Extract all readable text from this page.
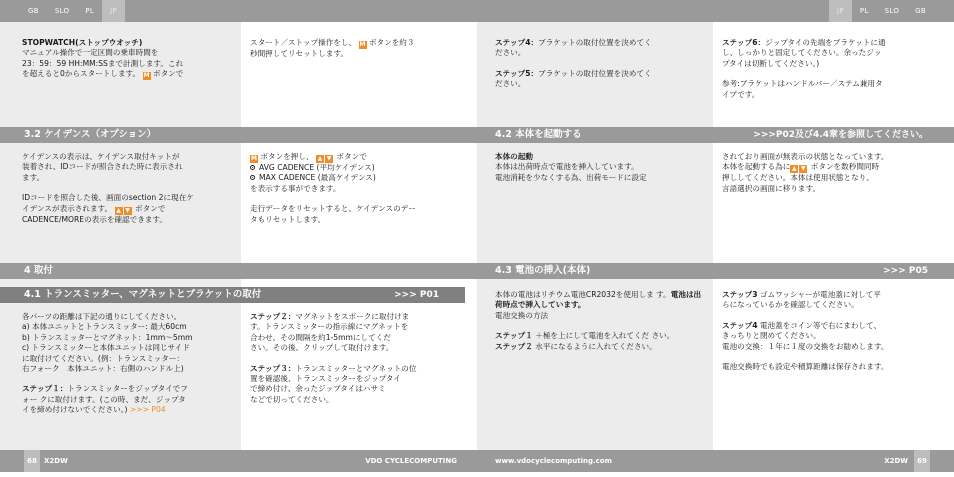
GB	SLO	PL	JP	JP	PL	SLO	GB
STOPWATCH(ストップウオッチ)
マニュアル操作で一定区間の乗車時間を
23：59：59 HH:MM:SSまで計測します。これ
を超えると0からスタートします。 M ボタンで
スタート／ストップ操作をし、 M ボタンを約３
秒間押してリセットします。
3.2 ケイデンス（オプション）
ケイデンスの表示は、ケイデンス取付キットが
装着され、IDコードが照合された時に表示され
ます。
IDコードを照合した後、画面のsection 2に現在ケ
イデンスが表示されます。 ▲ ▼ ボタンで
CADENCE/MOREの表示を確認できます。
M ボタンを押し、 ▲ ▼ ボタンで
AVG CADENCE (平均ケイデンス)
MAX CADENCE (最高ケイデンス)
を表示する事ができます。
走行データをリセットすると、ケイデンスのデー
タもリセットします。
4 取付
4.1 トランスミッター、マグネットとブラケットの取付	>>> P01
各パーツの距離は下記の通りにしてください。
a) 本体ユニットとトランスミッター: 最大60cm
b) トランスミッターとマグネット：1mm〜5mm
c) トランスミッターと本体ユニットは同じサイド
に取付けてください。(例：トランスミッター：
右フォーク　本体ユニット：右側のハンドル上)
ステップ１：トランスミッターをジップタイでフ
ォー クに取付けます。(この時、まだ、ジップタ
イを締め付けないでください。) >>> P04
ステップ２：マグネットをスポークに取付けま
す。トランスミッターの指示線にマグネットを
合わせ、その間隔を約1-5mmにしてくだ
さい。その後、クリップして取付けます。
ステップ３：トランスミッターとマグネットの位
置を確認後、トランスミッターをジップタイ
で締め付け、余ったジップタイはハサミ
などで切ってください。
ステップ4：ブラケットの取付位置を決めてく
ださい。
ステップ5：ブラケットの取付位置を決めてく
ださい。
ステップ6：ジップタイの先端をブラケットに通
し、しっかりと固定してください。余ったジッ
プタイは切断してください。)
参考:ブラケットはハンドルバー／ステム兼用タ
イプです。
4.2 本体を起動する	>>>P02及び4.4章を参照してください。
本体の起動
本体は出荷時点で電池を挿入しています。
電池消耗を少なくする為、出荷モードに設定
されており画面が無表示の状態となっています。
本体を起動する為に ▲ ▼ ボタンを数秒間同時
押ししてください。本体は使用状態となり、
言語選択の画面に移ります。
4.3 電池の挿入(本体)	>>> P05
本体の電池はリチウム電池CR2032を使用しま す。電池は出荷時点で挿入しています。
電池交換の方法
ステップ１ ＋極を上にして電池を入れてくだ さい。
ステップ２ 水平になるように入れてください。
ステップ3 ゴムワッシャーが電池蓋に対して平
らになっているかを確認してください。
ステップ4 電池蓋をコイン等で右にまわして、
きっちりと閉めてください。
電池の交換：１年に１度の交換をお勧めします。
電池交換時でも設定や積算距離は保存されます。
68	X2DW	VDO CYCLECOMPUTING	www.vdocyclecomputing.com	X2DW	69
